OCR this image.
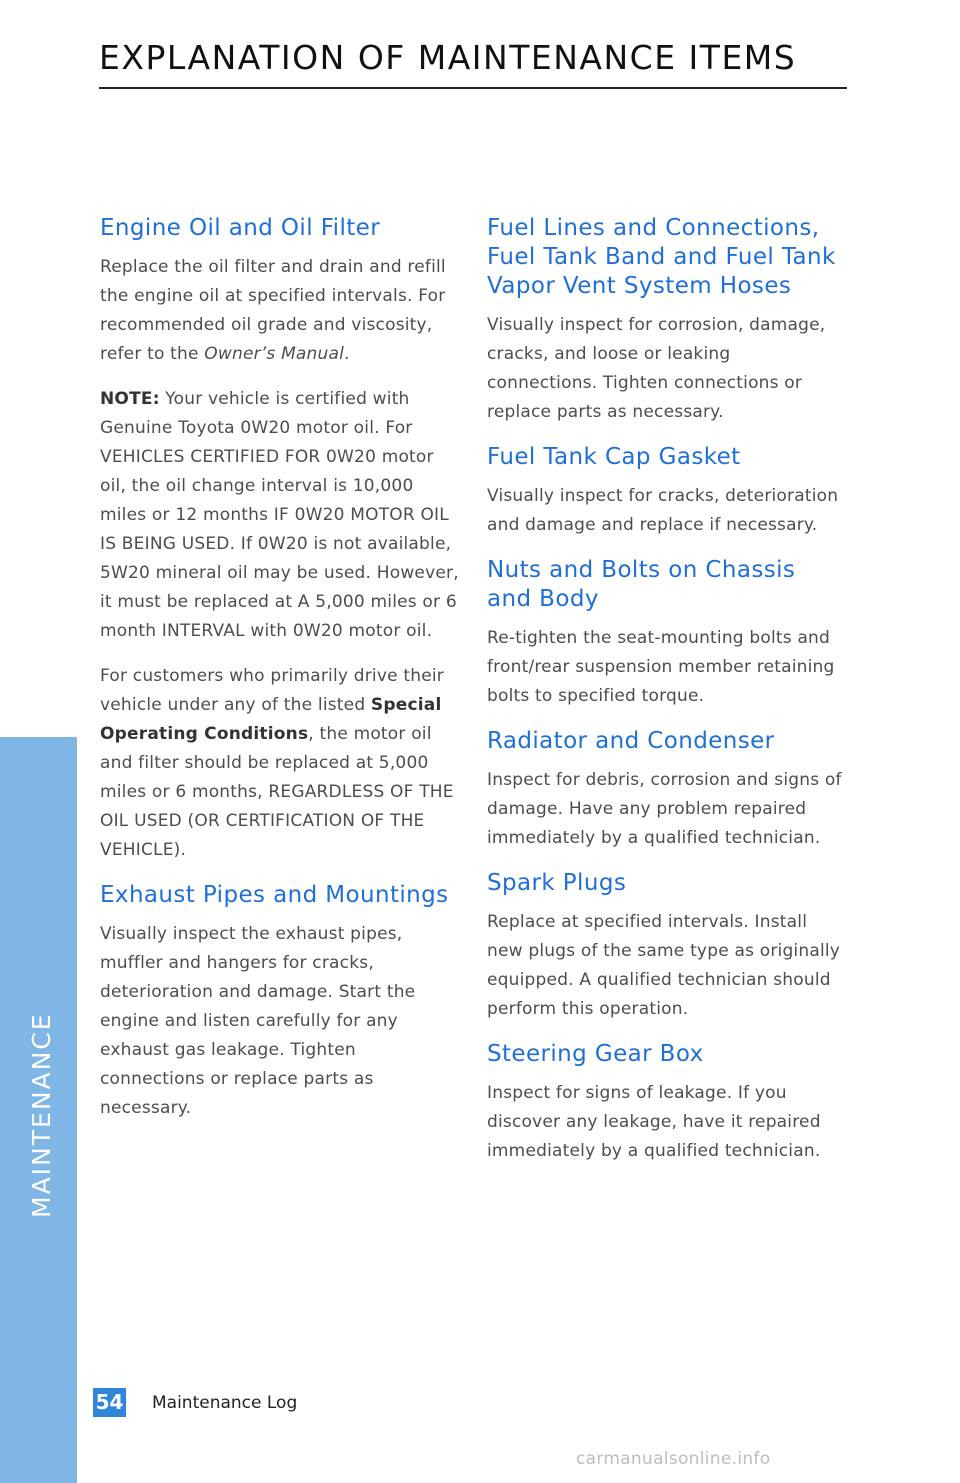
EXPLANATION OF MAINTENANCE ITEMS
Engine Oil and Oil Filter

Replace the oil filter and drain and refill the engine oil at specified intervals. For recommended oil grade and viscosity, refer to the Owner’s Manual.

NOTE: Your vehicle is certified with Genuine Toyota 0W20 motor oil. For VEHICLES CERTIFIED FOR 0W20 motor oil, the oil change interval is 10,000 miles or 12 months IF 0W20 MOTOR OIL IS BEING USED. If 0W20 is not available, 5W20 mineral oil may be used. However, it must be replaced at A 5,000 miles or 6 month INTERVAL with 0W20 motor oil.

For customers who primarily drive their vehicle under any of the listed Special Operating Conditions, the motor oil and filter should be replaced at 5,000 miles or 6 months, REGARDLESS OF THE OIL USED (OR CERTIFICATION OF THE VEHICLE).

Exhaust Pipes and Mountings

Visually inspect the exhaust pipes, muffler and hangers for cracks, deterioration and damage. Start the engine and listen carefully for any exhaust gas leakage. Tighten connections or replace parts as necessary.

Fuel Lines and Connections, Fuel Tank Band and Fuel Tank Vapor Vent System Hoses

Visually inspect for corrosion, damage, cracks, and loose or leaking connections. Tighten connections or replace parts as necessary.

Fuel Tank Cap Gasket

Visually inspect for cracks, deterioration and damage and replace if necessary.

Nuts and Bolts on Chassis and Body

Re-tighten the seat-mounting bolts and front/rear suspension member retaining bolts to specified torque.

Radiator and Condenser

Inspect for debris, corrosion and signs of damage. Have any problem repaired immediately by a qualified technician.

Spark Plugs

Replace at specified intervals. Install new plugs of the same type as originally equipped. A qualified technician should perform this operation.

Steering Gear Box

Inspect for signs of leakage. If you discover any leakage, have it repaired immediately by a qualified technician.

MAINTENANCE
54 Maintenance Log
carmanualsonline.info
